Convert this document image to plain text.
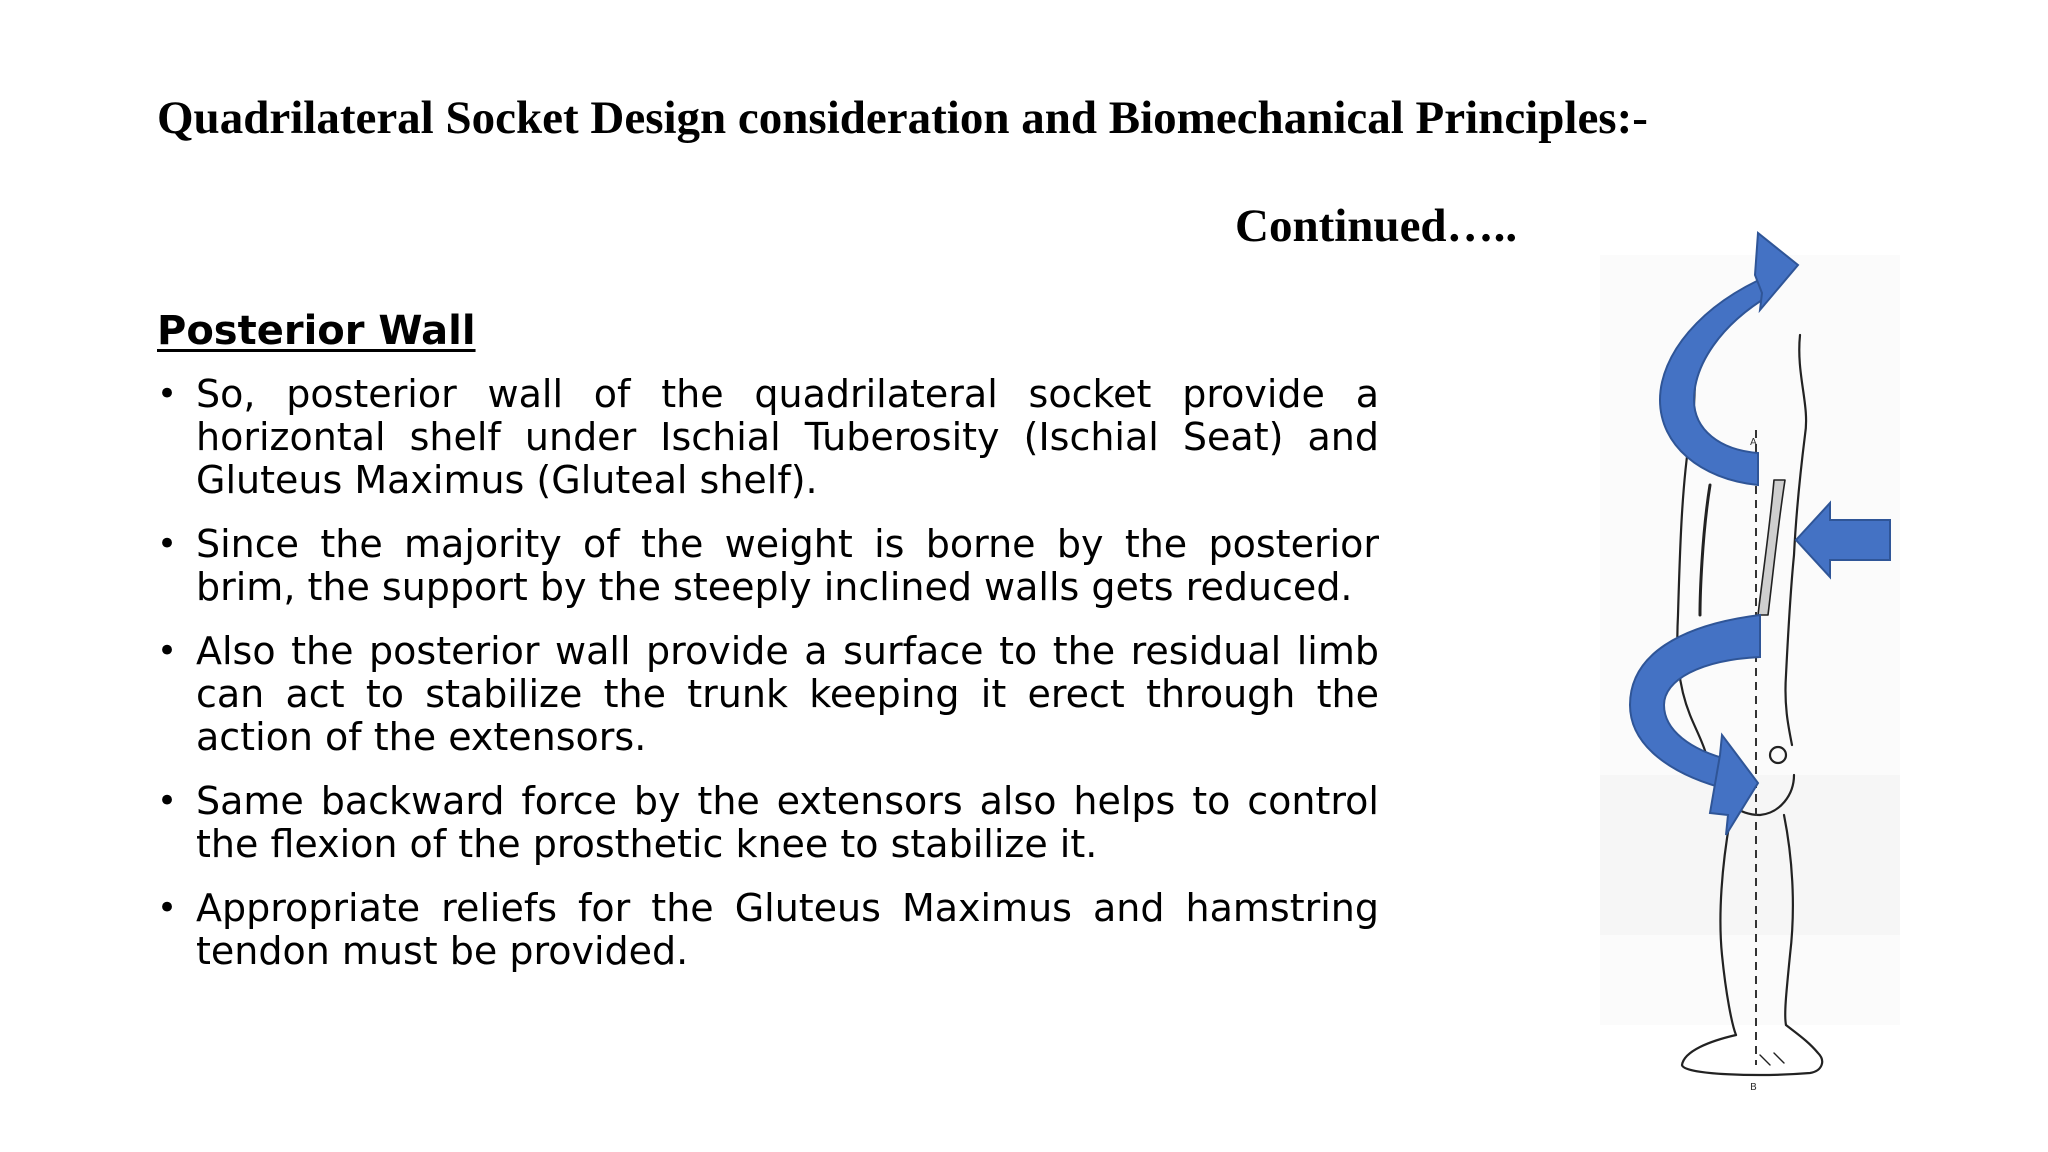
Quadrilateral Socket Design consideration and Biomechanical Principles:-
Continued…..
Posterior Wall
• So, posterior wall of the quadrilateral socket provide a horizontal shelf under Ischial Tuberosity (Ischial Seat) and Gluteus Maximus (Gluteal shelf).
• Since the majority of the weight is borne by the posterior brim, the support by the steeply inclined walls gets reduced.
• Also the posterior wall provide a surface to the residual limb can act to stabilize the trunk keeping it erect through the action of the extensors.
• Same backward force by the extensors also helps to control the flexion of the prosthetic knee to stabilize it.
• Appropriate reliefs for the Gluteus Maximus and hamstring tendon must be provided.
A
B
